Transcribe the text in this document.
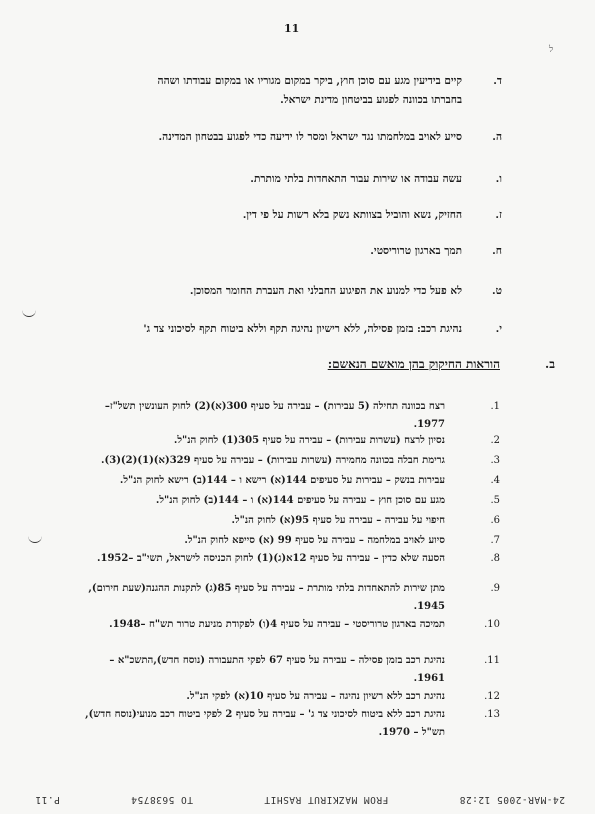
11
ל
ד.
קיים בידיעין מגע עם סוכן חוץ, ביקר במקום מגוריו או במקום עבודתו ושהה
בחברתו בכוונה לפגוע בביטחון מדינת ישראל.
ה.
סייע לאויב במלחמתו נגד ישראל ומסר לו ידיעה כדי לפגוע בבטחון המדינה.
ו.
עשה עבודה או שירות עבור התאחדות בלתי מותרת.
ז.
החזיק, נשא והוביל בצוותא נשק בלא רשות על פי דין.
ח.
תמך בארגון טרוריסטי.
ט.
לא פעל כדי למנוע את הפיגוע החבלני ואת העברת החומר המסוכן.
י.
נהיגת רכב: בזמן פסילה, ללא רישיון נהיגה תקף וללא ביטוח תקף לסיכוני צד ג'
ב.
הוראות החיקוק בהן מואשם הנאשם:
1.
רצח בכוונה תחילה (5 עבירות) – עבירה על סעיף 300(א)(2) לחוק העונשין תשל"ז– 1977.
2.
נסיון לרצח (עשרות עבירות) – עבירה על סעיף 305(1) לחוק הנ"ל.
3.
גרימת חבלה בכוונה מחמירה (עשרות עבירות) – עבירה על סעיף 329(א)(1)(2)(3).
4.
עבירות בנשק – עבירות על סעיפים 144(א) רישא ו – 144(ב) רישא לחוק הנ"ל.
5.
מגע עם סוכן חוץ – עבירה על סעיפים 144(א) ו – 144(ב) לחוק הנ"ל.
6.
חיפוי על עבירה – עבירה על סעיף 95(א) לחוק הנ"ל.
7.
סיוע לאויב במלחמה – עבירה על סעיף 99 (א) סייפא לחוק הנ"ל.
8.
הסעה שלא כדין – עבירה על סעיף 12א(ג)(1) לחוק הכניסה לישראל, תשי"ב –1952.
9.
מתן שירות להתאחדות בלתי מותרת – עבירה על סעיף 85(ג) לתקנות ההגנה(שעת חירום), 1945.
10.
תמיכה בארגון טרוריסטי – עבירה על סעיף 4(ו) לפקודת מניעת טרור תש"ח –1948.
11.
נהיגת רכב בזמן פסילה – עבירה על סעיף 67 לפקי התעבורה (נוסח חדש),התשכ"א – 1961.
12.
נהיגת רכב ללא רשיון נהיגה – עבירה על סעיף 10(א) לפקי הנ"ל.
13.
נהיגת רכב ללא ביטוח לסיכוני צד ג' – עבירה על סעיף 2 לפקי ביטוח רכב מנועי(נוסח חדש), תש"ל – 1970.
24-MAR-2005 12:28
FROM MAZKIRUT RASHIT
TO 5638754
P.11
